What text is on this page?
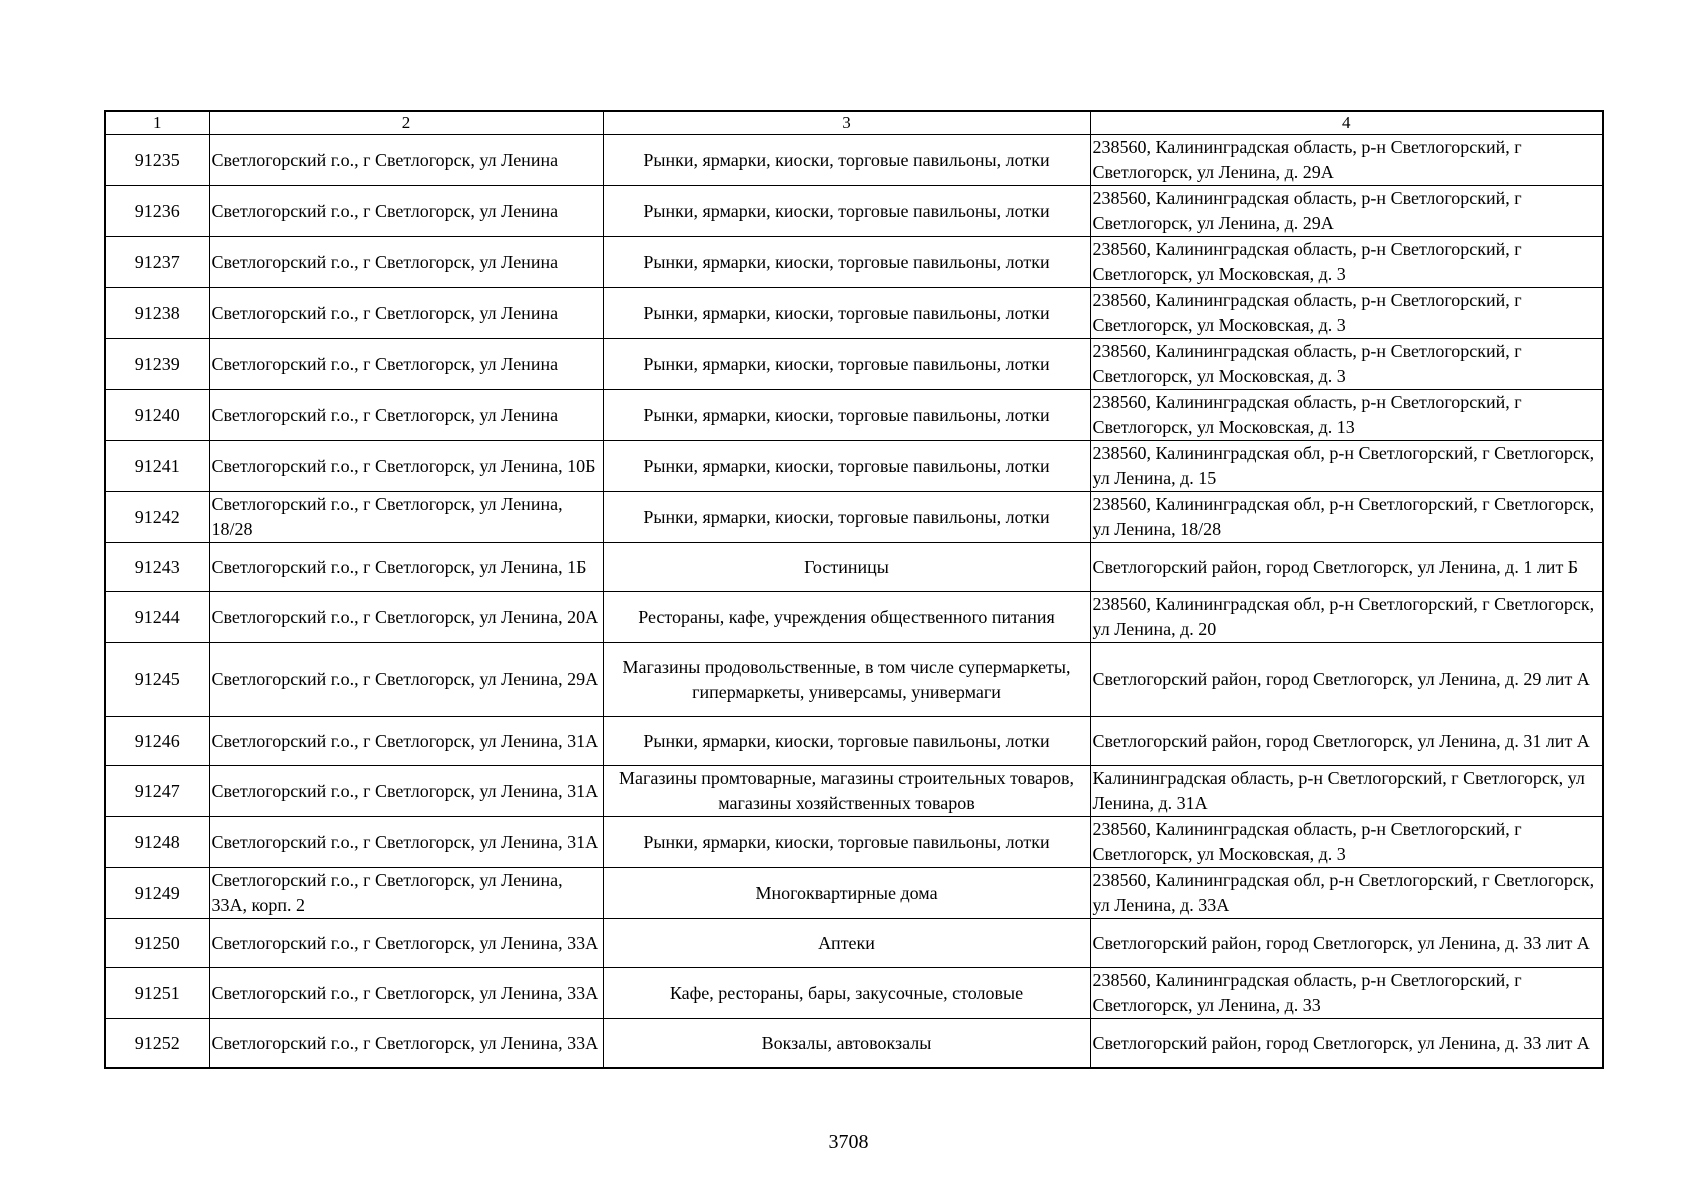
1	2	3	4
91235	Светлогорский г.о., г Светлогорск, ул Ленина	Рынки, ярмарки, киоски, торговые павильоны, лотки	238560, Калининградская область, р-н Светлогорский, г Светлогорск, ул Ленина, д. 29А
91236	Светлогорский г.о., г Светлогорск, ул Ленина	Рынки, ярмарки, киоски, торговые павильоны, лотки	238560, Калининградская область, р-н Светлогорский, г Светлогорск, ул Ленина, д. 29А
91237	Светлогорский г.о., г Светлогорск, ул Ленина	Рынки, ярмарки, киоски, торговые павильоны, лотки	238560, Калининградская область, р-н Светлогорский, г Светлогорск, ул Московская, д. 3
91238	Светлогорский г.о., г Светлогорск, ул Ленина	Рынки, ярмарки, киоски, торговые павильоны, лотки	238560, Калининградская область, р-н Светлогорский, г Светлогорск, ул Московская, д. 3
91239	Светлогорский г.о., г Светлогорск, ул Ленина	Рынки, ярмарки, киоски, торговые павильоны, лотки	238560, Калининградская область, р-н Светлогорский, г Светлогорск, ул Московская, д. 3
91240	Светлогорский г.о., г Светлогорск, ул Ленина	Рынки, ярмарки, киоски, торговые павильоны, лотки	238560, Калининградская область, р-н Светлогорский, г Светлогорск, ул Московская, д. 13
91241	Светлогорский г.о., г Светлогорск, ул Ленина, 10Б	Рынки, ярмарки, киоски, торговые павильоны, лотки	238560, Калининградская обл, р-н Светлогорский, г Светлогорск, ул Ленина, д. 15
91242	Светлогорский г.о., г Светлогорск, ул Ленина, 18/28	Рынки, ярмарки, киоски, торговые павильоны, лотки	238560, Калининградская обл, р-н Светлогорский, г Светлогорск, ул Ленина, 18/28
91243	Светлогорский г.о., г Светлогорск, ул Ленина, 1Б	Гостиницы	Светлогорский район, город Светлогорск, ул Ленина, д. 1 лит Б
91244	Светлогорский г.о., г Светлогорск, ул Ленина, 20А	Рестораны, кафе, учреждения общественного питания	238560, Калининградская обл, р-н Светлогорский, г Светлогорск, ул Ленина, д. 20
91245	Светлогорский г.о., г Светлогорск, ул Ленина, 29А	Магазины продовольственные, в том числе супермаркеты, гипермаркеты, универсамы, универмаги	Светлогорский район, город Светлогорск, ул Ленина, д. 29 лит А
91246	Светлогорский г.о., г Светлогорск, ул Ленина, 31А	Рынки, ярмарки, киоски, торговые павильоны, лотки	Светлогорский район, город Светлогорск, ул Ленина, д. 31 лит А
91247	Светлогорский г.о., г Светлогорск, ул Ленина, 31А	Магазины промтоварные, магазины строительных товаров, магазины хозяйственных товаров	Калининградская область, р-н Светлогорский, г Светлогорск, ул Ленина, д. 31А
91248	Светлогорский г.о., г Светлогорск, ул Ленина, 31А	Рынки, ярмарки, киоски, торговые павильоны, лотки	238560, Калининградская область, р-н Светлогорский, г Светлогорск, ул Московская, д. 3
91249	Светлогорский г.о., г Светлогорск, ул Ленина, 33А, корп. 2	Многоквартирные дома	238560, Калининградская обл, р-н Светлогорский, г Светлогорск, ул Ленина, д. 33А
91250	Светлогорский г.о., г Светлогорск, ул Ленина, 33А	Аптеки	Светлогорский район, город Светлогорск, ул Ленина, д. 33 лит А
91251	Светлогорский г.о., г Светлогорск, ул Ленина, 33А	Кафе, рестораны, бары, закусочные, столовые	238560, Калининградская область, р-н Светлогорский, г Светлогорск, ул Ленина, д. 33
91252	Светлогорский г.о., г Светлогорск, ул Ленина, 33А	Вокзалы, автовокзалы	Светлогорский район, город Светлогорск, ул Ленина, д. 33 лит А
3708
